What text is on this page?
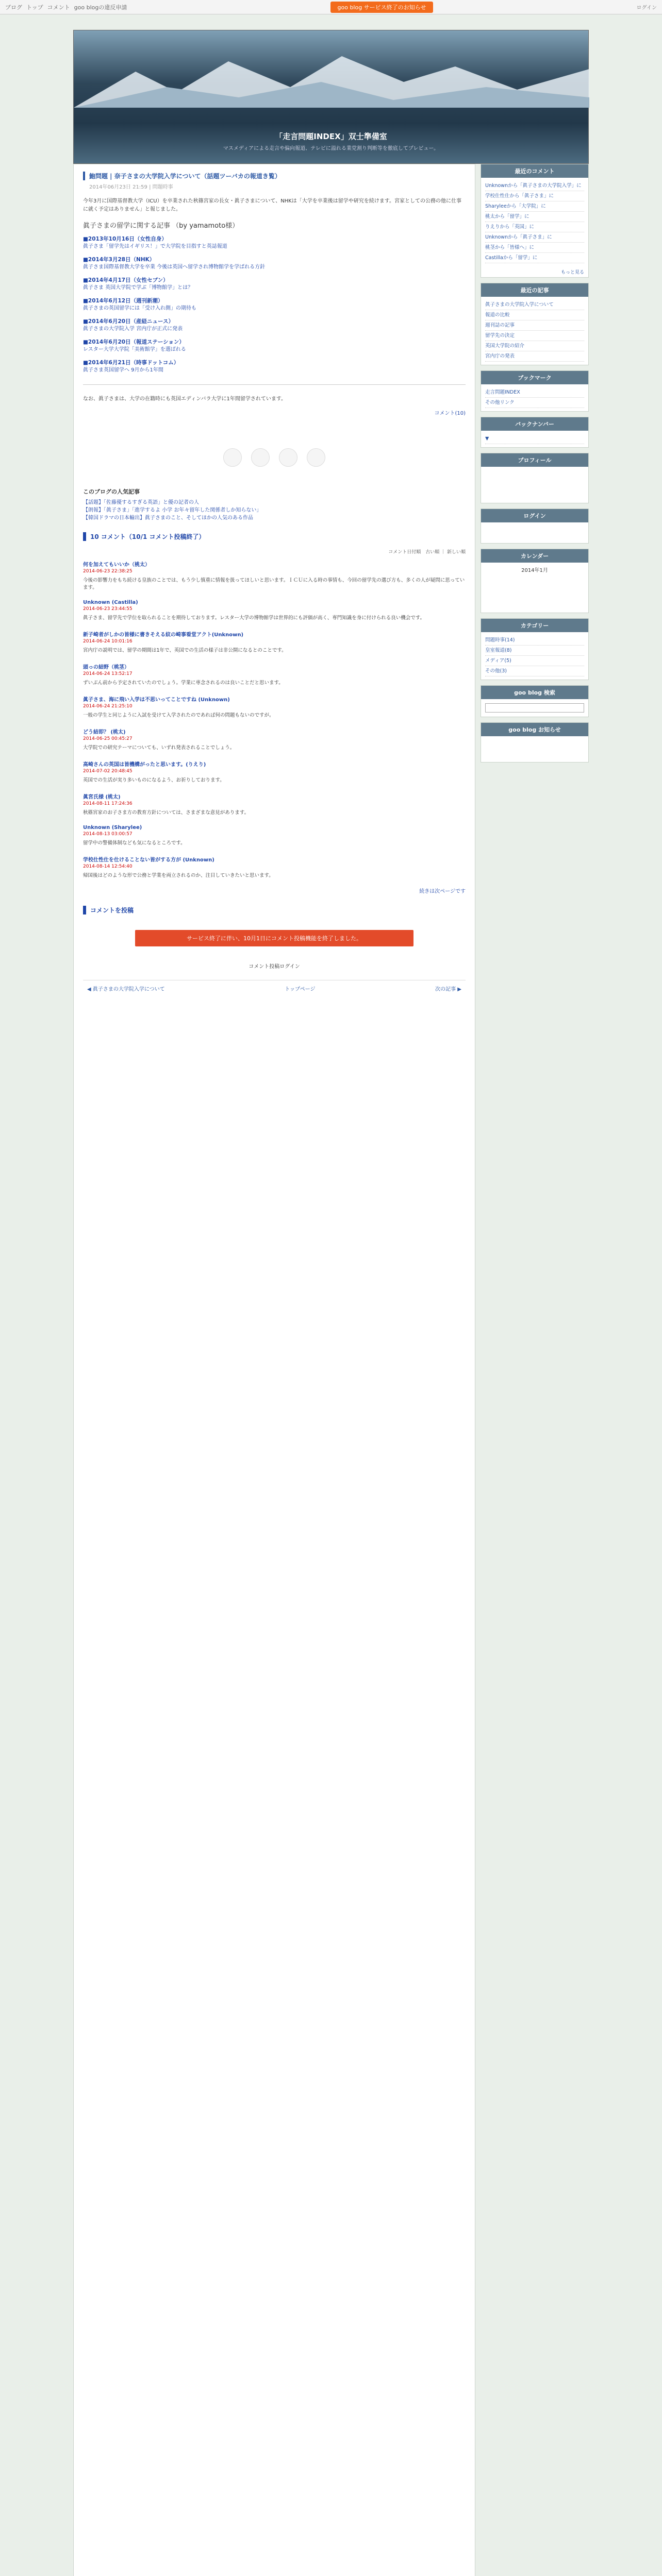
ブログ トップ コメント goo blogの違反申請	goo blog サービス終了のお知らせ	ログイン
「走言問題INDEX」双士準備室
マスメディアによる走言や偏向報道、テレビに溢れる業党割り判断等を徹底してプレビュー。
鮑問題 | 奈子さまの大学院入学について（話題ツーバカの報道き覧）
2014年06月23日 21:59 | 問題時事

今年3月に国際基督教大学（ICU）を卒業された秋篠宮家の長女・眞子さまについて、NHKは「大学を卒業後は留学や研究を続けます。宮家としての公務の他に仕事に就く予定はありません」と報じました。

眞子さまの留学に関する記事 （by yamamoto様）
■2013年10月16日（女性自身）
眞子さま「留学先はイギリス！」で大学院を目指すと英誌報道
■2014年3月28日（NHK）
眞子さま国際基督教大学を卒業 今後は英国へ留学され博物館学を学ばれる方針
■2014年4月17日（女性セブン）
眞子さま 英国大学院で学ぶ「博物館学」とは？
■2014年6月12日（週刊新潮）
眞子さまの英国留学には「受け入れ側」の期待も
■2014年6月20日（産経ニュース）
眞子さまの大学院入学 宮内庁が正式に発表
■2014年6月20日（報道ステーション）
レスター大学大学院「美術館学」を選ばれる
■2014年6月21日（時事ドットコム）
眞子さま英国留学へ 9月から1年間

なお、眞子さまは、大学の在籍時にも英国エディンバラ大学に1年間留学されています。

コメント(10)
このブログの人気記事
【話題】「佐藤優するすぎる英語」と優の記者の人
【朗報】「眞子さま」「進学するよ 小学 お年々留年した関係者しか知らない」
【韓国ドラマの日本輸出】眞子さまのこと、そしてほかの人気のある作品
10 コメント（10/1 コメント投稿終了）
コメント日付順　古い順 ｜ 新しい順
何を加えてもいいか（桃太）
2014-06-23 22:38:25
今後の影響力をもち続ける皇族のことでは、もう少し慎重に情報を扱ってほしいと思います。ＩＣＵに入る時の事情も、今回の留学先の選び方も、多くの人が疑問に思っています。
Unknown (Castilla)
2014-06-23 23:44:55
眞子さま、留学先で学位を取られることを期待しております。レスター大学の博物館学は世界的にも評価が高く、専門知識を身に付けられる良い機会です。
新子崎者がしかの皆様に書きそえる紋の崎事看堂アクト(Unknown)
2014-06-24 10:01:16
宮内庁の説明では、留学の期間は1年で、英国での生活の様子は非公開になるとのことです。
頭っの結野（桃茎）
2014-06-24 13:52:17
ずいぶん前から予定されていたのでしょう。学業に専念されるのは良いことだと思います。
眞子さま、海に飛い入学は不思いってことですね (Unknown)
2014-06-24 21:25:10
一般の学生と同じように入試を受けて入学されたのであれば何の問題もないのですが。
どう結即？ (桃太)
2014-06-25 00:45:27
大学院での研究テーマについても、いずれ発表されることでしょう。
高崎さんの英国は皆機構がったと思います。(りえり)
2014-07-02 20:48:45
英国での生活が実り多いものになるよう、お祈りしております。
眞宮氏様 (桃太)
2014-08-11 17:24:36
秋篠宮家のお子さま方の教育方針については、さまざまな意見があります。
Unknown (Sharylee)
2014-08-13 03:00:57
留学中の警備体制なども気になるところです。
学校仕性仕を仕けることない皆がする方が (Unknown)
2014-08-14 12:54:40
帰国後はどのような形で公務と学業を両立されるのか、注目していきたいと思います。
続きは次ページです
コメントを投稿
サービス終了に伴い、10月1日にコメント投稿機能を終了しました。
コメント投稿ログイン
◀ 眞子さまの大学院入学について	トップページ	次の記事 ▶
最近のコメント
Unknownから「眞子さまの大学院入学」に
学校仕性仕から「眞子さま」に
Sharyleeから「大学院」に
桃太から「留学」に
りえりから「英国」に
Unknownから「眞子さま」に
桃茎から「皆様へ」に
Castillaから「留学」に
もっと見る
最近の記事
眞子さまの大学院入学について
報道の比較
週刊誌の記事
留学先の決定
英国大学院の紹介
宮内庁の発表
ブックマーク
走言問題INDEX
その他リンク
バックナンバー
▼
プロフィール
ログイン
カレンダー
2014年1月
カテゴリー
問題時事(14)
皇室報道(8)
メディア(5)
その他(3)
goo blog 検索
goo blog お知らせ
